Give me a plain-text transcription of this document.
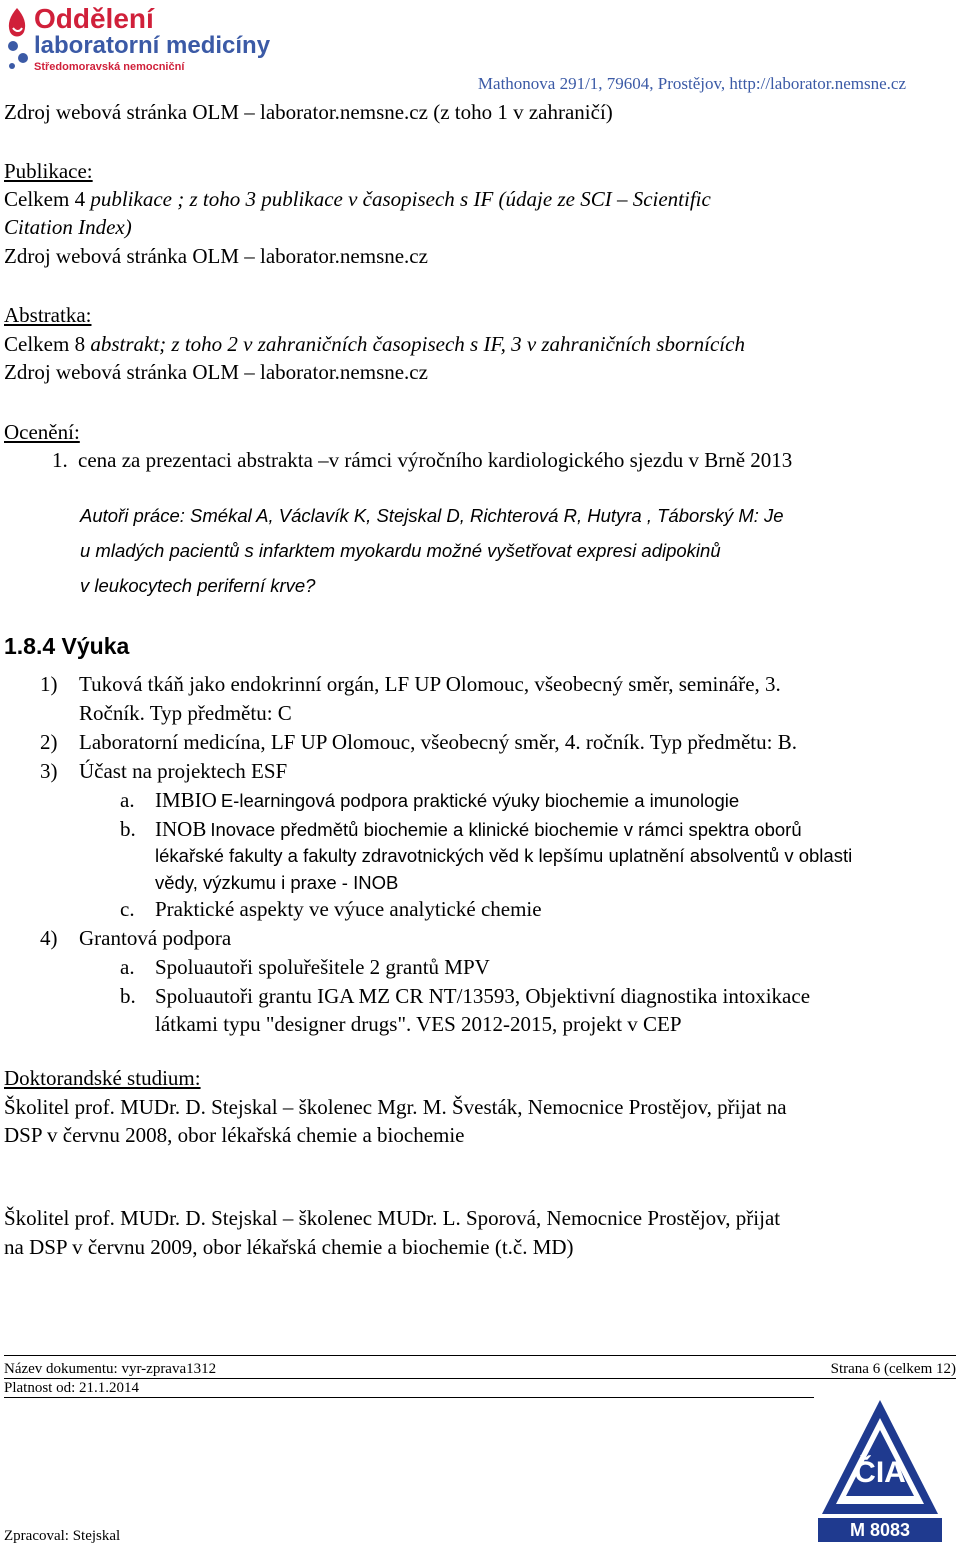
Oddělení
laboratorní medicíny
Středomoravská nemocniční
Mathonova 291/1, 79604, Prostějov, http://laborator.nemsne.cz
Zdroj webová stránka OLM – laborator.nemsne.cz (z toho 1 v zahraničí)
Publikace:
Celkem 4 publikace ; z toho 3 publikace v časopisech s IF (údaje ze SCI – Scientific
Citation Index)
Zdroj webová stránka OLM – laborator.nemsne.cz
Abstratka:
Celkem 8 abstrakt; z toho 2 v zahraničních časopisech s IF, 3 v zahraničních sbornících
Zdroj webová stránka OLM – laborator.nemsne.cz
Ocenění:
1. cena za prezentaci abstrakta –v rámci výročního kardiologického sjezdu v Brně 2013
Autoři práce: Smékal A, Václavík K, Stejskal D, Richterová R, Hutyra , Táborský M: Je
u mladých pacientů s infarktem myokardu možné vyšetřovat expresi adipokinů
v leukocytech periferní krve?
1.8.4 Výuka
1) Tuková tkáň jako endokrinní orgán, LF UP Olomouc, všeobecný směr, semináře, 3.
Ročník. Typ předmětu: C
2) Laboratorní medicína, LF UP Olomouc, všeobecný směr, 4. ročník. Typ předmětu: B.
3) Účast na projektech ESF
a. IMBIO E-learningová podpora praktické výuky biochemie a imunologie
b. INOB Inovace předmětů biochemie a klinické biochemie v rámci spektra oborů
lékařské fakulty a fakulty zdravotnických věd k lepšímu uplatnění absolventů v oblasti
vědy, výzkumu i praxe - INOB
c. Praktické aspekty ve výuce analytické chemie
4) Grantová podpora
a. Spoluautoři spoluřešitele 2 grantů MPV
b. Spoluautoři grantu IGA MZ CR NT/13593, Objektivní diagnostika intoxikace
látkami typu "designer drugs". VES 2012-2015, projekt v CEP
Doktorandské studium:
Školitel prof. MUDr. D. Stejskal – školenec Mgr. M. Švesták, Nemocnice Prostějov, přijat na
DSP v červnu 2008, obor lékařská chemie a biochemie
Školitel prof. MUDr. D. Stejskal – školenec MUDr. L. Sporová, Nemocnice Prostějov, přijat
na DSP v červnu 2009, obor lékařská chemie a biochemie (t.č. MD)
Název dokumentu: vyr-zprava1312	Strana 6 (celkem 12)
Platnost od: 21.1.2014
Zpracoval: Stejskal
ČIA
M 8083
